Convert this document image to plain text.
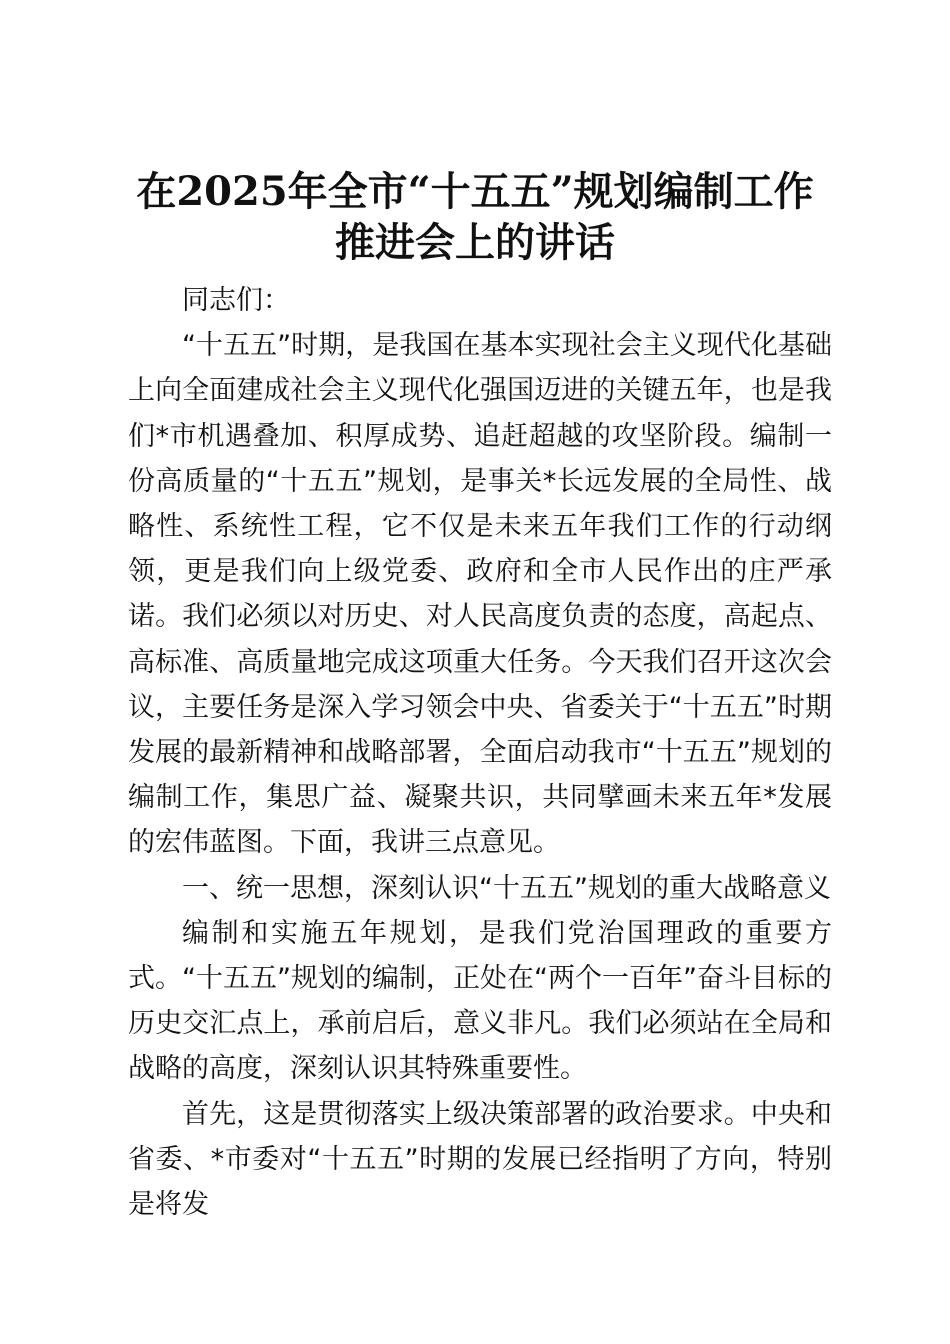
在2025年全市“十五五”规划编制工作推进会上的讲话

同志们：

“十五五”时期，是我国在基本实现社会主义现代化基础上向全面建成社会主义现代化强国迈进的关键五年，也是我们*市机遇叠加、积厚成势、追赶超越的攻坚阶段。编制一份高质量的“十五五”规划，是事关*长远发展的全局性、战略性、系统性工程，它不仅是未来五年我们工作的行动纲领，更是我们向上级党委、政府和全市人民作出的庄严承诺。我们必须以对历史、对人民高度负责的态度，高起点、高标准、高质量地完成这项重大任务。今天我们召开这次会议，主要任务是深入学习领会中央、省委关于“十五五”时期发展的最新精神和战略部署，全面启动我市“十五五”规划的编制工作，集思广益、凝聚共识，共同擘画未来五年*发展的宏伟蓝图。下面，我讲三点意见。

一、统一思想，深刻认识“十五五”规划的重大战略意义

编制和实施五年规划，是我们党治国理政的重要方式。“十五五”规划的编制，正处在“两个一百年”奋斗目标的历史交汇点上，承前启后，意义非凡。我们必须站在全局和战略的高度，深刻认识其特殊重要性。

首先，这是贯彻落实上级决策部署的政治要求。中央和省委、*市委对“十五五”时期的发展已经指明了方向，特别是将发
